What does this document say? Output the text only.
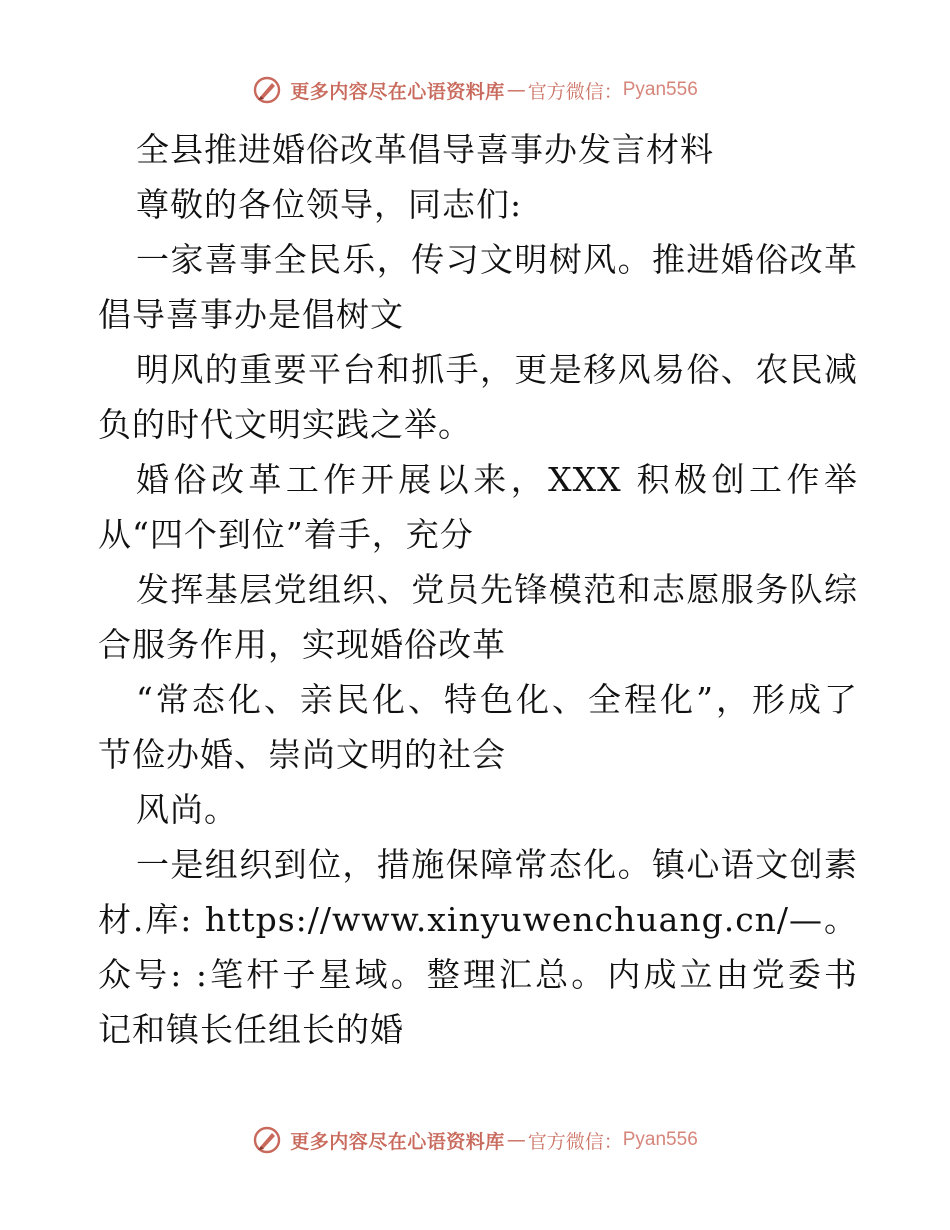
更多内容尽在心语资料库 — 官方微信： Pyan556
全县推进婚俗改革倡导喜事办发言材料
尊敬的各位领导，同志们:
一家喜事全民乐，传习文明树风。推进婚俗改革
倡导喜事办是倡树文
明风的重要平台和抓手，更是移风易俗、农民减
负的时代文明实践之举。
婚俗改革工作开展以来，XXX 积极创工作举
从“四个到位”着手，充分
发挥基层党组织、党员先锋模范和志愿服务队综
合服务作用，实现婚俗改革
“常态化、亲民化、特色化、全程化”，形成了
节俭办婚、崇尚文明的社会
风尚。
一是组织到位，措施保障常态化。镇心语文创素
材.库: https://www.xinyuwenchuang.cn/—。
众号: :笔杆子星域。整理汇总。内成立由党委书
记和镇长任组长的婚
更多内容尽在心语资料库 — 官方微信： Pyan556
